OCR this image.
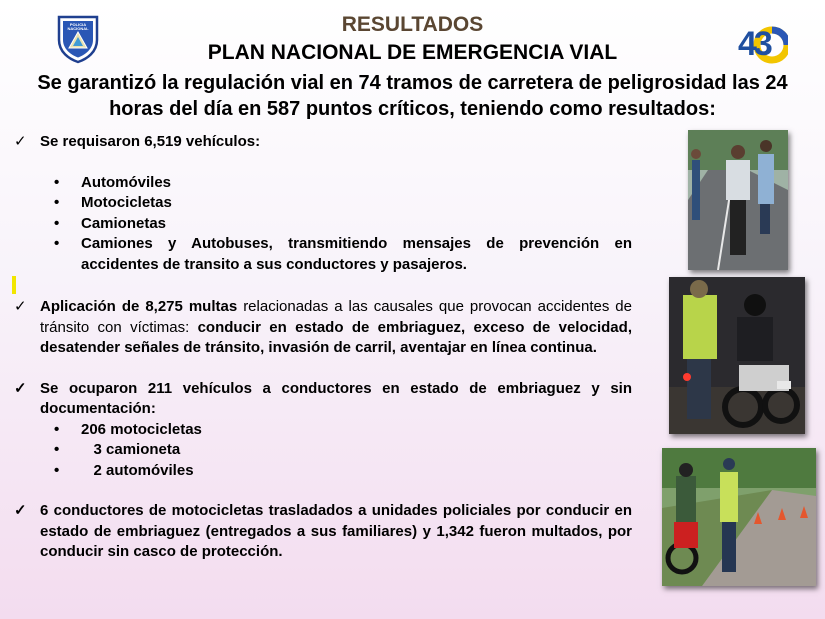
POLICIA NACIONAL	43
RESULTADOS
PLAN NACIONAL DE EMERGENCIA VIAL
Se garantizó la regulación vial en 74 tramos de carretera de peligrosidad las 24 horas del día en 587 puntos críticos, teniendo como resultados:
✓ Se requisaron 6,519 vehículos:
• Automóviles
• Motocicletas
• Camionetas
• Camiones y Autobuses, transmitiendo mensajes de prevención en accidentes de transito a sus conductores y pasajeros.
✓ Aplicación de 8,275 multas relacionadas a las causales que provocan accidentes de tránsito con víctimas: conducir en estado de embriaguez, exceso de velocidad, desatender señales de tránsito, invasión de carril, aventajar en línea continua.
✓ Se ocuparon 211 vehículos a conductores en estado de embriaguez y sin documentación:
• 206 motocicletas
• 3 camioneta
• 2 automóviles
✓ 6 conductores de motocicletas trasladados a unidades policiales por conducir en estado de embriaguez (entregados a sus familiares) y 1,342 fueron multados, por conducir sin casco de protección.
